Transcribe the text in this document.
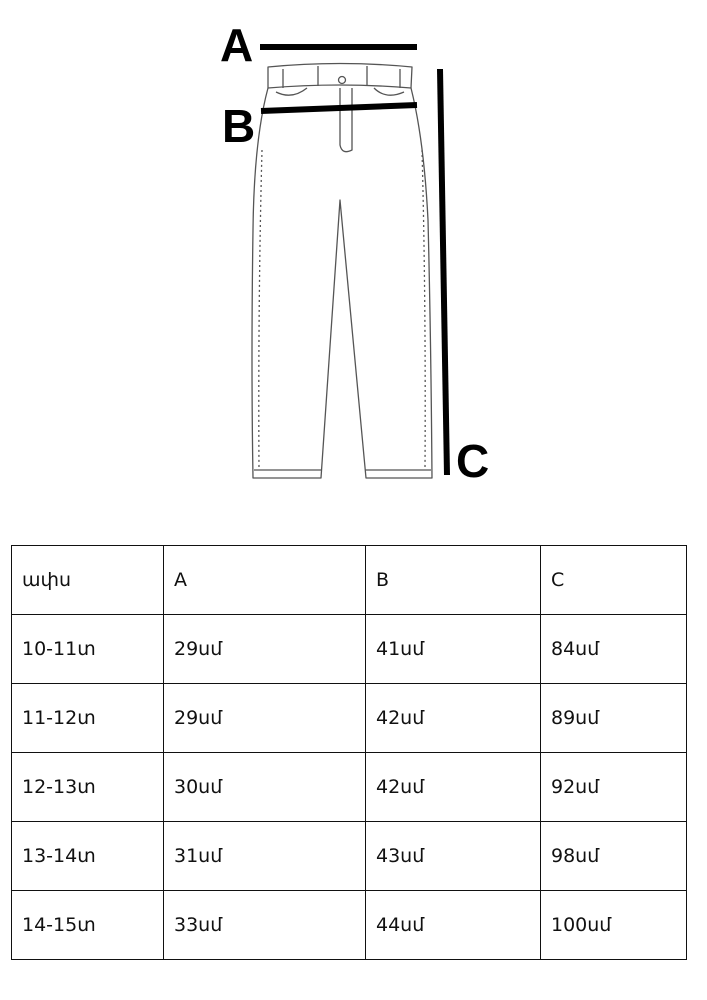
A
B
C
ափս	A	B	C
10-11տ	29սմ	41սմ	84սմ
11-12տ	29սմ	42սմ	89սմ
12-13տ	30սմ	42սմ	92սմ
13-14տ	31սմ	43սմ	98սմ
14-15տ	33սմ	44սմ	100սմ
